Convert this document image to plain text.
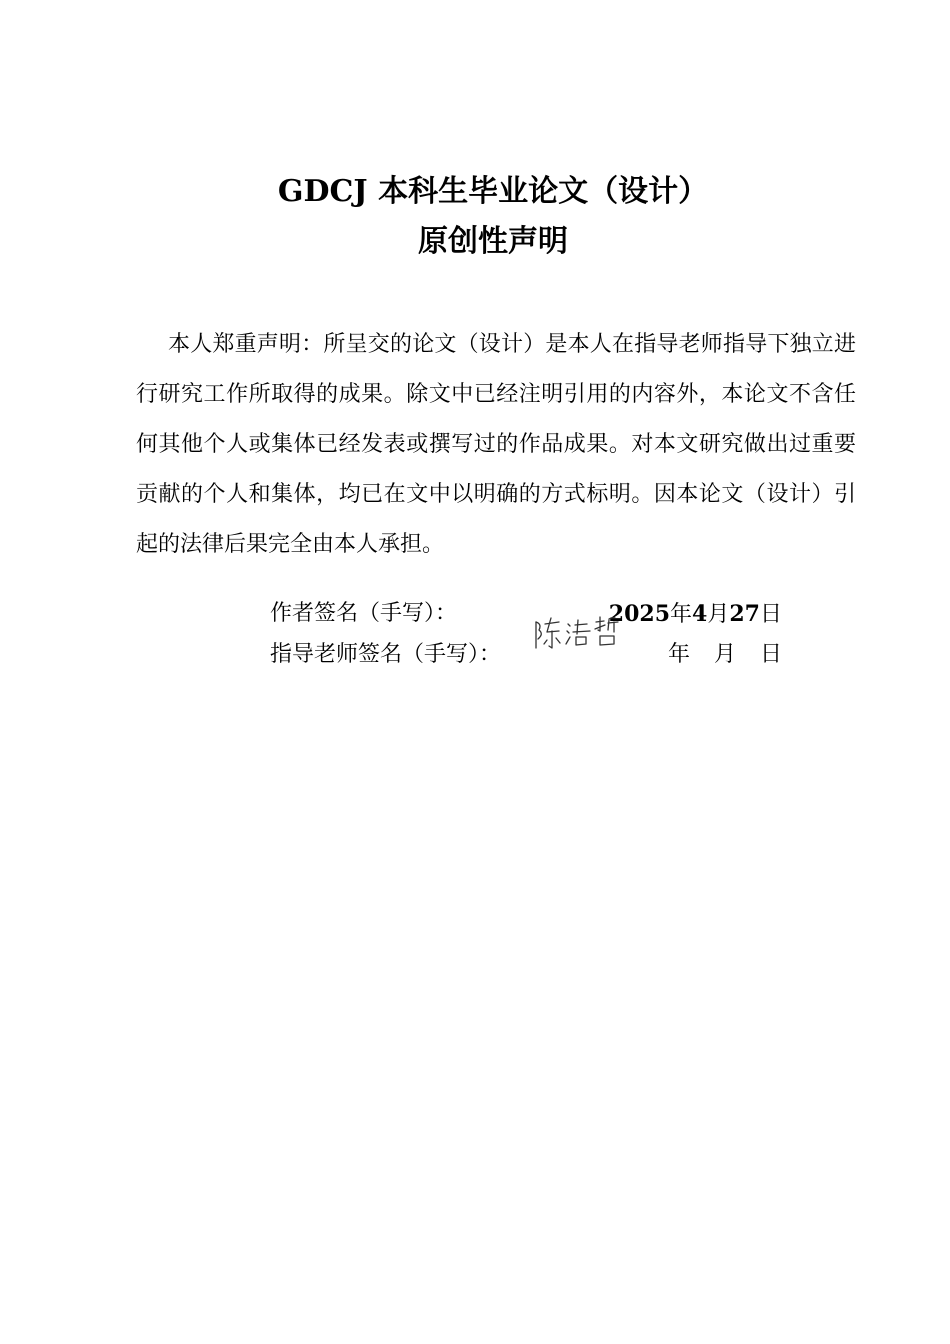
GDCJ 本科生毕业论文（设计）
原创性声明

本人郑重声明：所呈交的论文（设计）是本人在指导老师指导下独立进行研究工作所取得的成果。除文中已经注明引用的内容外，本论文不含任何其他个人或集体已经发表或撰写过的作品成果。对本文研究做出过重要贡献的个人和集体，均已在文中以明确的方式标明。因本论文（设计）引起的法律后果完全由本人承担。

作者签名（手写）：	2025年4月27日
指导老师签名（手写）：	年 月 日
